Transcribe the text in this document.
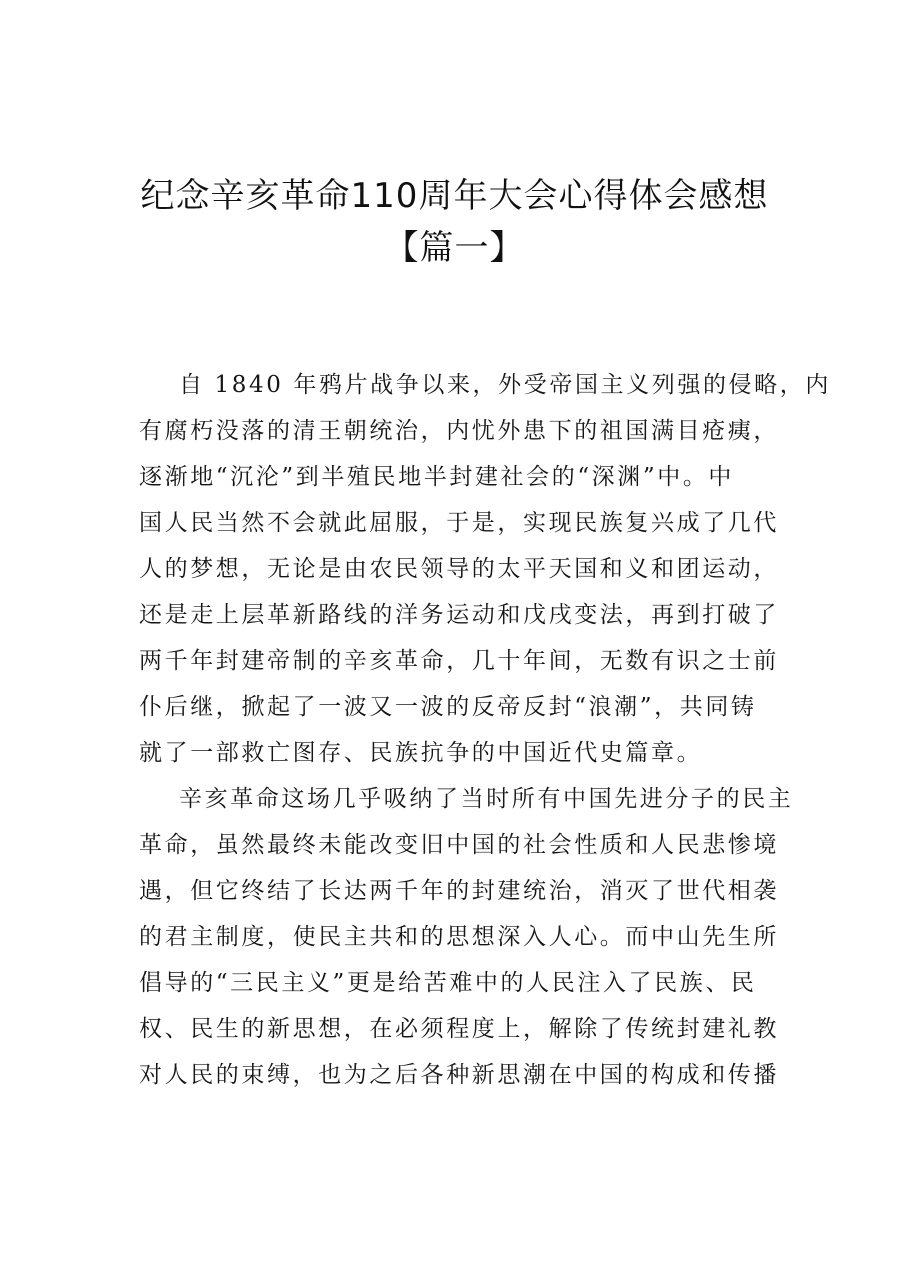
纪念辛亥革命110周年大会心得体会感想
【篇一】
自 1840 年鸦片战争以来，外受帝国主义列强的侵略，内
有腐朽没落的清王朝统治，内忧外患下的祖国满目疮痍，
逐渐地“沉沦”到半殖民地半封建社会的“深渊”中。中
国人民当然不会就此屈服，于是，实现民族复兴成了几代
人的梦想，无论是由农民领导的太平天国和义和团运动，
还是走上层革新路线的洋务运动和戊戌变法，再到打破了
两千年封建帝制的辛亥革命，几十年间，无数有识之士前
仆后继，掀起了一波又一波的反帝反封“浪潮”，共同铸
就了一部救亡图存、民族抗争的中国近代史篇章。
辛亥革命这场几乎吸纳了当时所有中国先进分子的民主
革命，虽然最终未能改变旧中国的社会性质和人民悲惨境
遇，但它终结了长达两千年的封建统治，消灭了世代相袭
的君主制度，使民主共和的思想深入人心。而中山先生所
倡导的“三民主义”更是给苦难中的人民注入了民族、民
权、民生的新思想，在必须程度上，解除了传统封建礼教
对人民的束缚，也为之后各种新思潮在中国的构成和传播
